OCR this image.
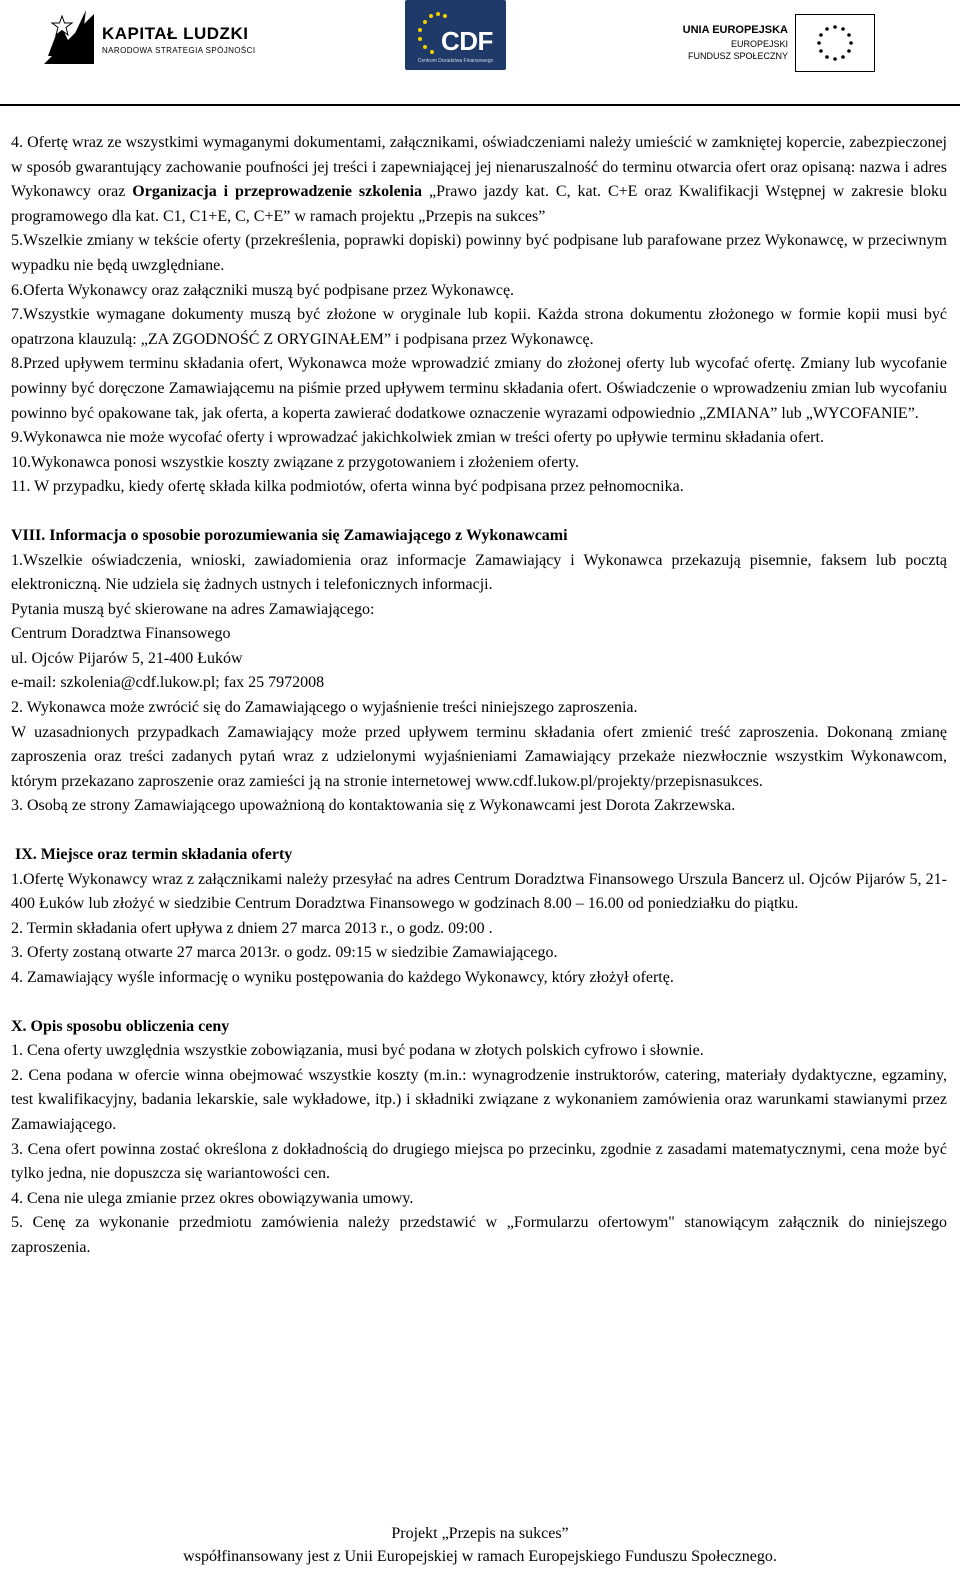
KAPITAŁ LUDZKI
NARODOWA STRATEGIA SPÓJNOŚCI	CDF
Centrum Doradztwa Finansowego
UNIA EUROPEJSKA
EUROPEJSKI
FUNDUSZ SPOŁECZNY

4. Ofertę wraz ze wszystkimi wymaganymi dokumentami, załącznikami, oświadczeniami należy umieścić w zamkniętej kopercie, zabezpieczonej w sposób gwarantujący zachowanie poufności jej treści i zapewniającej jej nienaruszalność do terminu otwarcia ofert oraz opisaną: nazwa i adres Wykonawcy oraz Organizacja i przeprowadzenie szkolenia „Prawo jazdy kat. C, kat. C+E oraz Kwalifikacji Wstępnej w zakresie bloku programowego dla kat. C1, C1+E, C, C+E” w ramach projektu „Przepis na sukces”

5.Wszelkie zmiany w tekście oferty (przekreślenia, poprawki dopiski) powinny być podpisane lub parafowane przez Wykonawcę, w przeciwnym wypadku nie będą uwzględniane.

6.Oferta Wykonawcy oraz załączniki muszą być podpisane przez Wykonawcę.

7.Wszystkie wymagane dokumenty muszą być złożone w oryginale lub kopii. Każda strona dokumentu złożonego w formie kopii musi być opatrzona klauzulą: „ZA ZGODNOŚĆ Z ORYGINAŁEM” i podpisana przez Wykonawcę.

8.Przed upływem terminu składania ofert, Wykonawca może wprowadzić zmiany do złożonej oferty lub wycofać ofertę. Zmiany lub wycofanie powinny być doręczone Zamawiającemu na piśmie przed upływem terminu składania ofert. Oświadczenie o wprowadzeniu zmian lub wycofaniu powinno być opakowane tak, jak oferta, a koperta zawierać dodatkowe oznaczenie wyrazami odpowiednio „ZMIANA” lub „WYCOFANIE”.

9.Wykonawca nie może wycofać oferty i wprowadzać jakichkolwiek zmian w treści oferty po upływie terminu składania ofert.

10.Wykonawca ponosi wszystkie koszty związane z przygotowaniem i złożeniem oferty.

11. W przypadku, kiedy ofertę składa kilka podmiotów, oferta winna być podpisana przez pełnomocnika.

VIII. Informacja o sposobie porozumiewania się Zamawiającego z Wykonawcami

1.Wszelkie oświadczenia, wnioski, zawiadomienia oraz informacje Zamawiający i Wykonawca przekazują pisemnie, faksem lub pocztą elektroniczną. Nie udziela się żadnych ustnych i telefonicznych informacji.

Pytania muszą być skierowane na adres Zamawiającego:

Centrum Doradztwa Finansowego

ul. Ojców Pijarów 5, 21-400 Łuków

e-mail: szkolenia@cdf.lukow.pl; fax 25 7972008

2. Wykonawca może zwrócić się do Zamawiającego o wyjaśnienie treści niniejszego zaproszenia.

W uzasadnionych przypadkach Zamawiający może przed upływem terminu składania ofert zmienić treść zaproszenia. Dokonaną zmianę zaproszenia oraz treści zadanych pytań wraz z udzielonymi wyjaśnieniami Zamawiający przekaże niezwłocznie wszystkim Wykonawcom, którym przekazano zaproszenie oraz zamieści ją na stronie internetowej www.cdf.lukow.pl/projekty/przepisnasukces.

3. Osobą ze strony Zamawiającego upoważnioną do kontaktowania się z Wykonawcami jest Dorota Zakrzewska.

IX. Miejsce oraz termin składania oferty

1.Ofertę Wykonawcy wraz z załącznikami należy przesyłać na adres Centrum Doradztwa Finansowego Urszula Bancerz ul. Ojców Pijarów 5, 21-400 Łuków lub złożyć w siedzibie Centrum Doradztwa Finansowego w godzinach 8.00 – 16.00 od poniedziałku do piątku.

2. Termin składania ofert upływa z dniem 27 marca 2013 r., o godz. 09:00 .

3. Oferty zostaną otwarte 27 marca 2013r. o godz. 09:15 w siedzibie Zamawiającego.

4. Zamawiający wyśle informację o wyniku postępowania do każdego Wykonawcy, który złożył ofertę.

X. Opis sposobu obliczenia ceny

1. Cena oferty uwzględnia wszystkie zobowiązania, musi być podana w złotych polskich cyfrowo i słownie.

2. Cena podana w ofercie winna obejmować wszystkie koszty (m.in.: wynagrodzenie instruktorów, catering, materiały dydaktyczne, egzaminy, test kwalifikacyjny, badania lekarskie, sale wykładowe, itp.) i składniki związane z wykonaniem zamówienia oraz warunkami stawianymi przez Zamawiającego.

3. Cena ofert powinna zostać określona z dokładnością do drugiego miejsca po przecinku, zgodnie z zasadami matematycznymi, cena może być tylko jedna, nie dopuszcza się wariantowości cen.

4. Cena nie ulega zmianie przez okres obowiązywania umowy.

5. Cenę za wykonanie przedmiotu zamówienia należy przedstawić w „Formularzu ofertowym" stanowiącym załącznik do niniejszego zaproszenia.

Projekt „Przepis na sukces”
współfinansowany jest z Unii Europejskiej w ramach Europejskiego Funduszu Społecznego.
